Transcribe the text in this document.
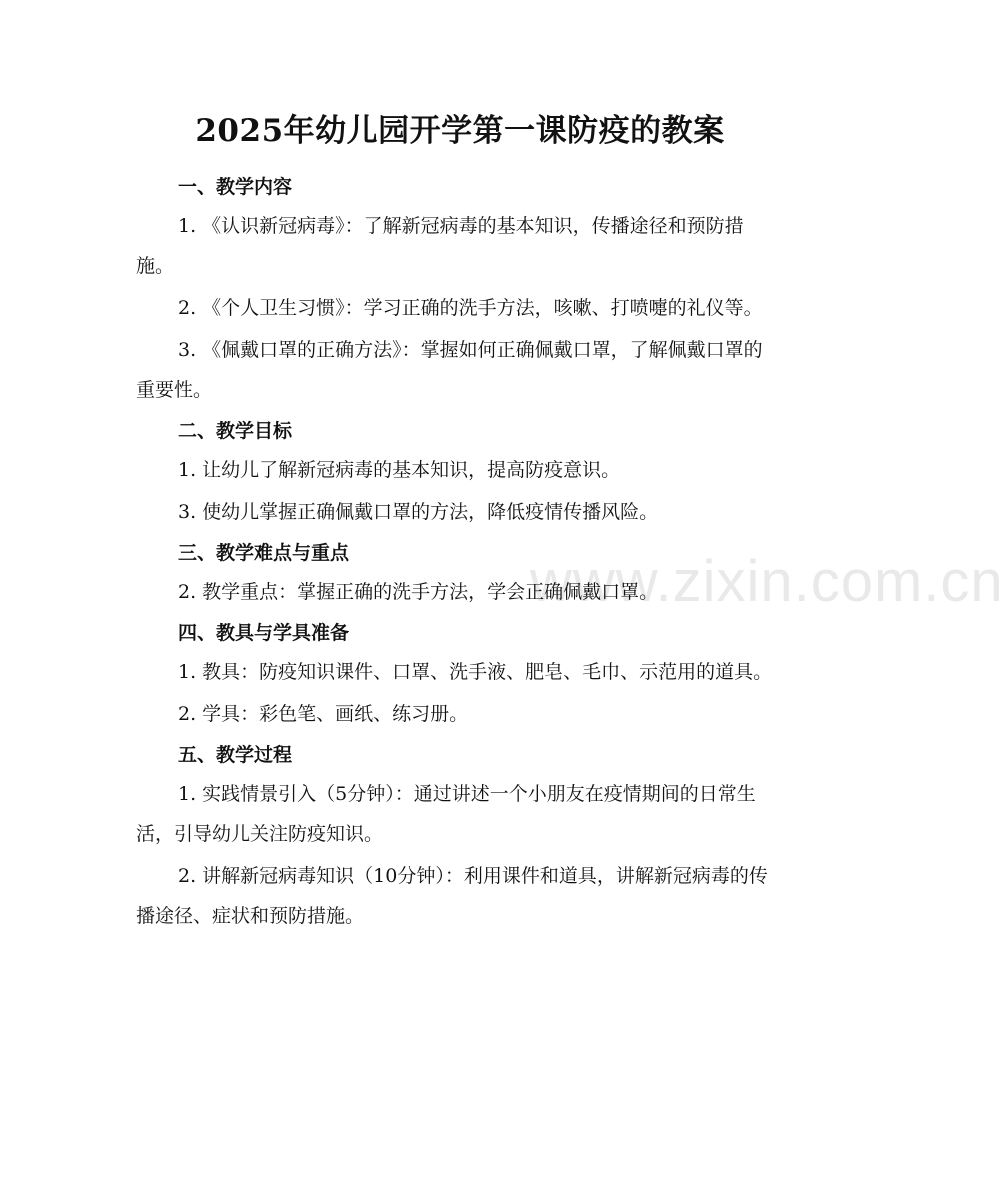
www.zixin.com.cn
2025年幼儿园开学第一课防疫的教案

一、教学内容

1. 《认识新冠病毒》：了解新冠病毒的基本知识，传播途径和预防措施。

2. 《个人卫生习惯》：学习正确的洗手方法，咳嗽、打喷嚏的礼仪等。

3. 《佩戴口罩的正确方法》：掌握如何正确佩戴口罩，了解佩戴口罩的重要性。

二、教学目标

1. 让幼儿了解新冠病毒的基本知识，提高防疫意识。

3. 使幼儿掌握正确佩戴口罩的方法，降低疫情传播风险。

三、教学难点与重点

2. 教学重点：掌握正确的洗手方法，学会正确佩戴口罩。

四、教具与学具准备

1. 教具：防疫知识课件、口罩、洗手液、肥皂、毛巾、示范用的道具。

2. 学具：彩色笔、画纸、练习册。

五、教学过程

1. 实践情景引入（5分钟）：通过讲述一个小朋友在疫情期间的日常生活，引导幼儿关注防疫知识。

2. 讲解新冠病毒知识（10分钟）：利用课件和道具，讲解新冠病毒的传播途径、症状和预防措施。
